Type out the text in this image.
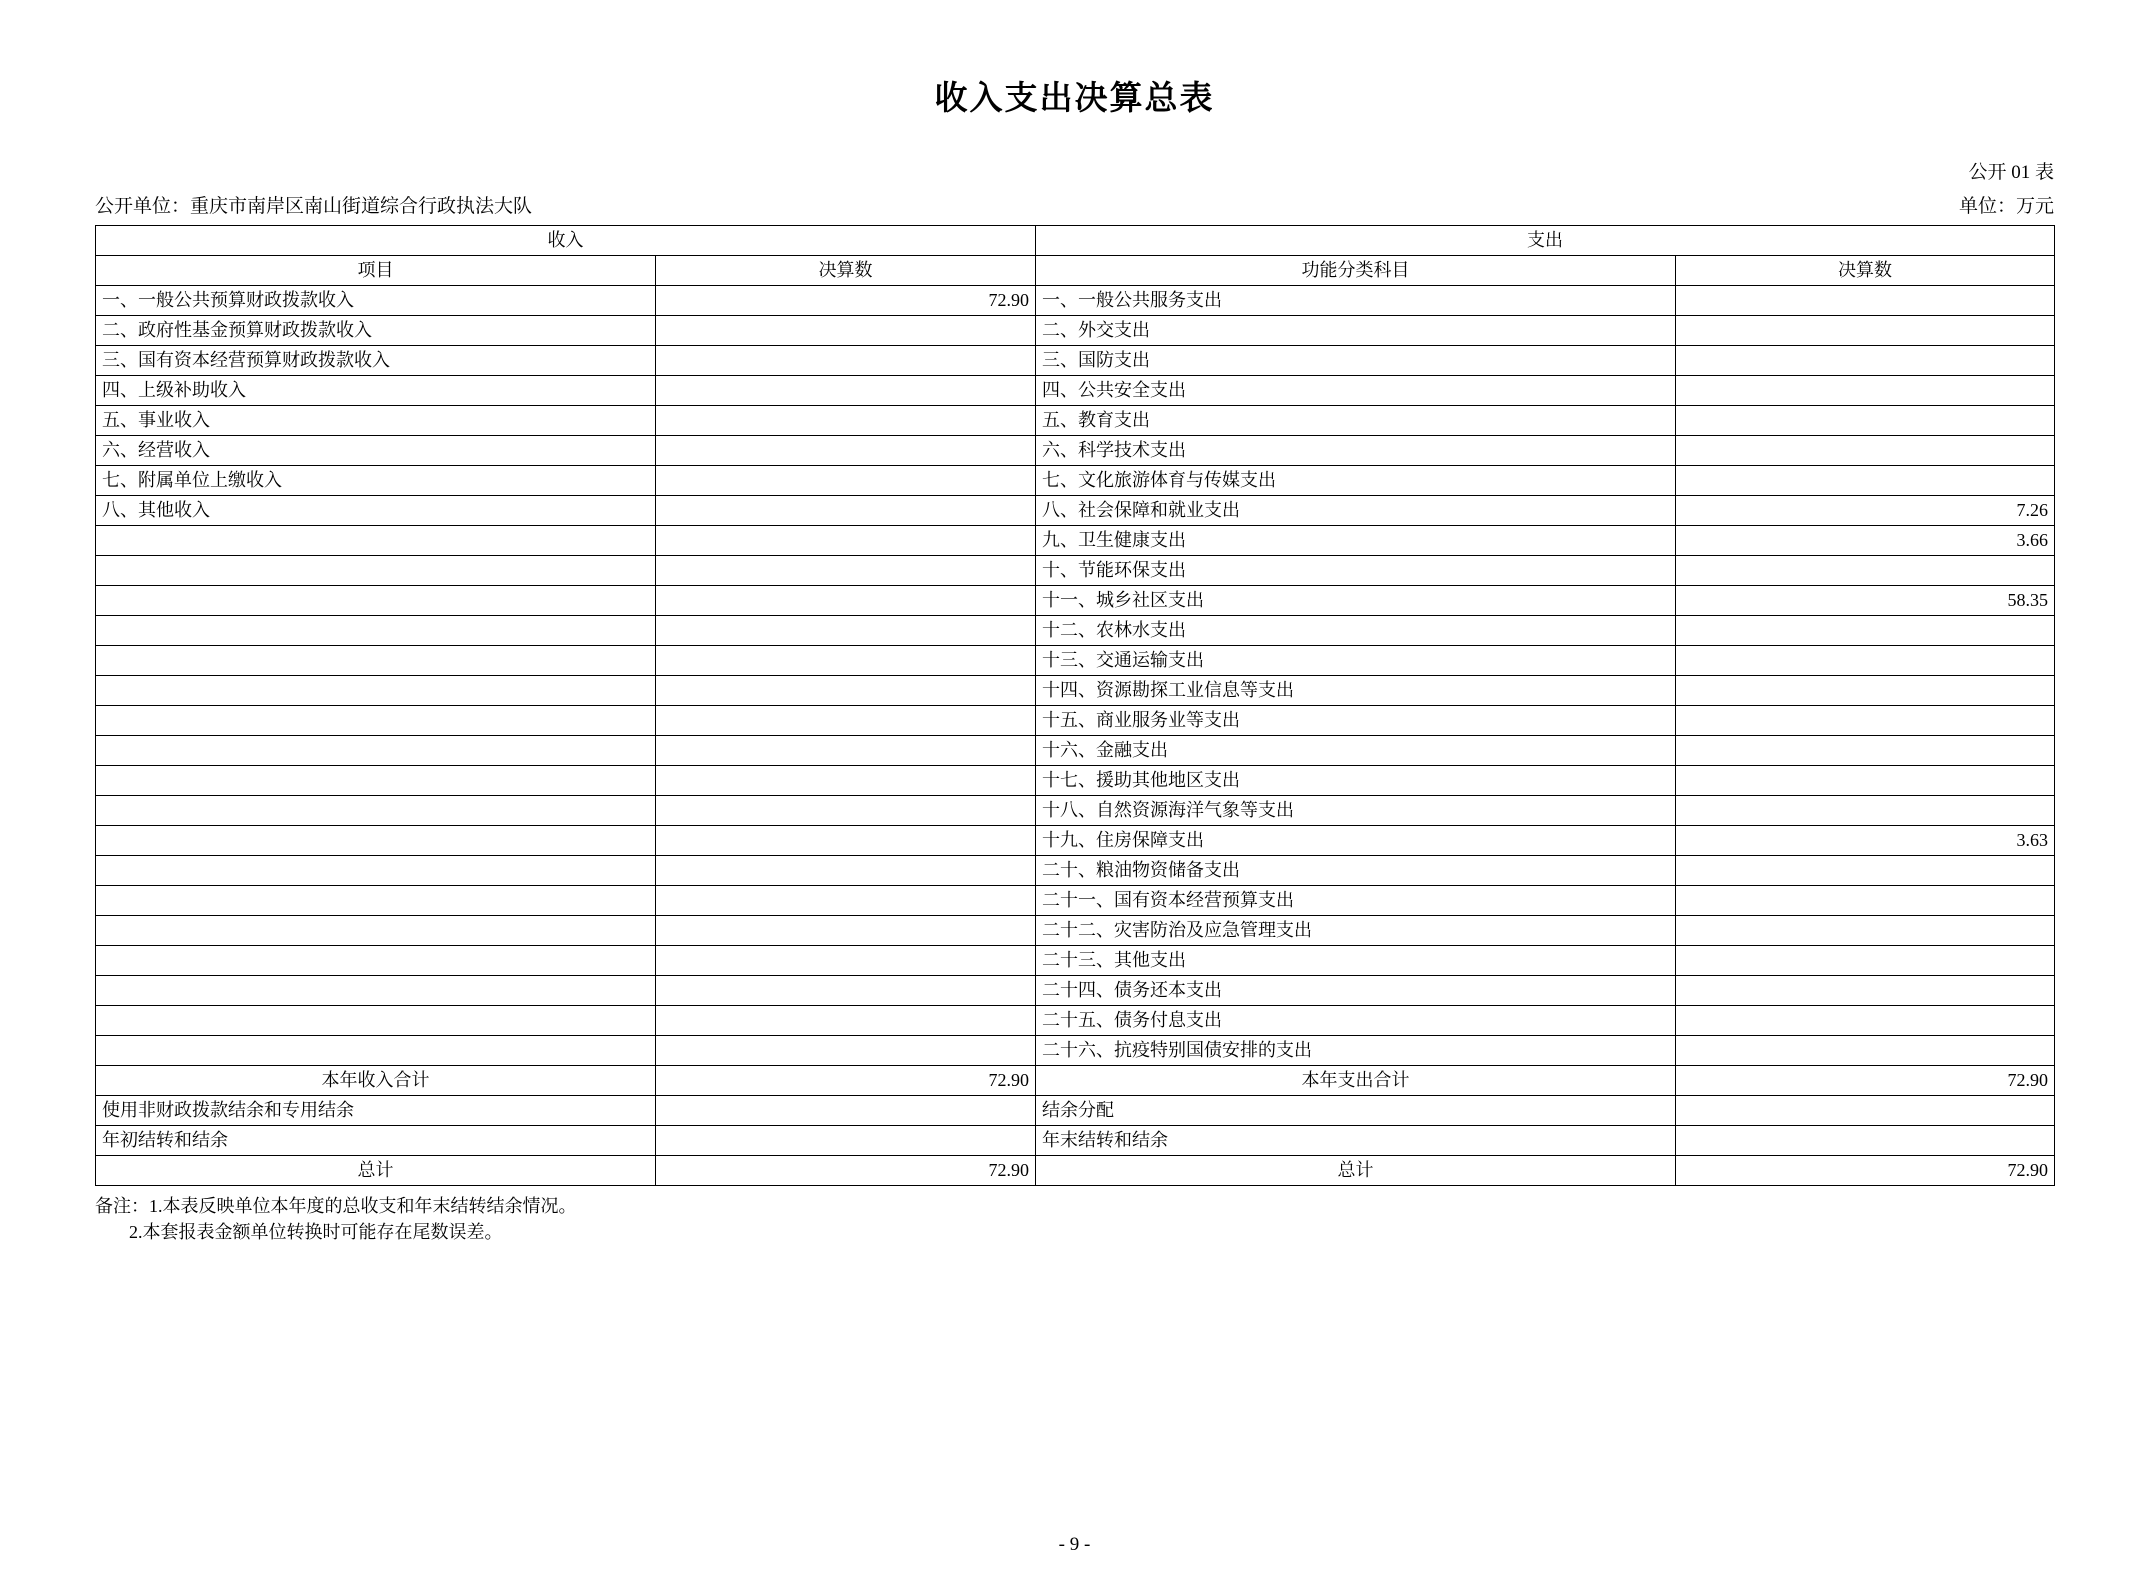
收入支出决算总表
公开 01 表
公开单位：重庆市南岸区南山街道综合行政执法大队	单位：万元
收入		支出	
项目	决算数	功能分类科目	决算数
一、一般公共预算财政拨款收入	72.90	一、一般公共服务支出	
二、政府性基金预算财政拨款收入		二、外交支出	
三、国有资本经营预算财政拨款收入		三、国防支出	
四、上级补助收入		四、公共安全支出	
五、事业收入		五、教育支出	
六、经营收入		六、科学技术支出	
七、附属单位上缴收入		七、文化旅游体育与传媒支出	
八、其他收入		八、社会保障和就业支出	7.26
		九、卫生健康支出	3.66
		十、节能环保支出	
		十一、城乡社区支出	58.35
		十二、农林水支出	
		十三、交通运输支出	
		十四、资源勘探工业信息等支出	
		十五、商业服务业等支出	
		十六、金融支出	
		十七、援助其他地区支出	
		十八、自然资源海洋气象等支出	
		十九、住房保障支出	3.63
		二十、粮油物资储备支出	
		二十一、国有资本经营预算支出	
		二十二、灾害防治及应急管理支出	
		二十三、其他支出	
		二十四、债务还本支出	
		二十五、债务付息支出	
		二十六、抗疫特别国债安排的支出	
本年收入合计	72.90	本年支出合计	72.90
使用非财政拨款结余和专用结余		结余分配	
年初结转和结余		年末结转和结余	
总计	72.90	总计	72.90
备注：1.本表反映单位本年度的总收支和年末结转结余情况。
2.本套报表金额单位转换时可能存在尾数误差。
- 9 -
